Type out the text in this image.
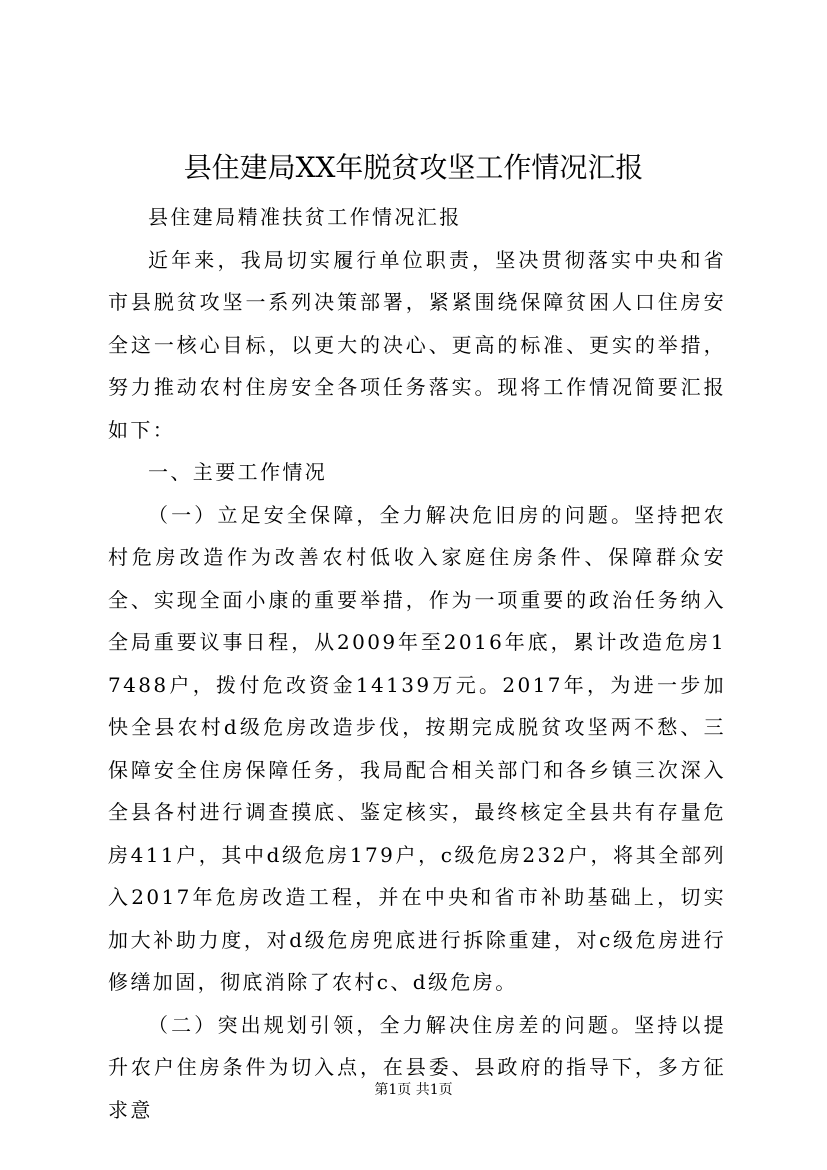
县住建局XX年脱贫攻坚工作情况汇报

县住建局精准扶贫工作情况汇报

近年来，我局切实履行单位职责，坚决贯彻落实中央和省市县脱贫攻坚一系列决策部署，紧紧围绕保障贫困人口住房安全这一核心目标，以更大的决心、更高的标准、更实的举措，努力推动农村住房安全各项任务落实。现将工作情况简要汇报如下：

一、主要工作情况

（一）立足安全保障，全力解决危旧房的问题。坚持把农村危房改造作为改善农村低收入家庭住房条件、保障群众安全、实现全面小康的重要举措，作为一项重要的政治任务纳入全局重要议事日程，从2009年至2016年底，累计改造危房17488户，拨付危改资金14139万元。2017年，为进一步加快全县农村d级危房改造步伐，按期完成脱贫攻坚两不愁、三保障安全住房保障任务，我局配合相关部门和各乡镇三次深入全县各村进行调查摸底、鉴定核实，最终核定全县共有存量危房411户，其中d级危房179户，c级危房232户，将其全部列入2017年危房改造工程，并在中央和省市补助基础上，切实加大补助力度，对d级危房兜底进行拆除重建，对c级危房进行修缮加固，彻底消除了农村c、d级危房。

（二）突出规划引领，全力解决住房差的问题。坚持以提升农户住房条件为切入点，在县委、县政府的指导下，多方征求意

第1页 共1页
